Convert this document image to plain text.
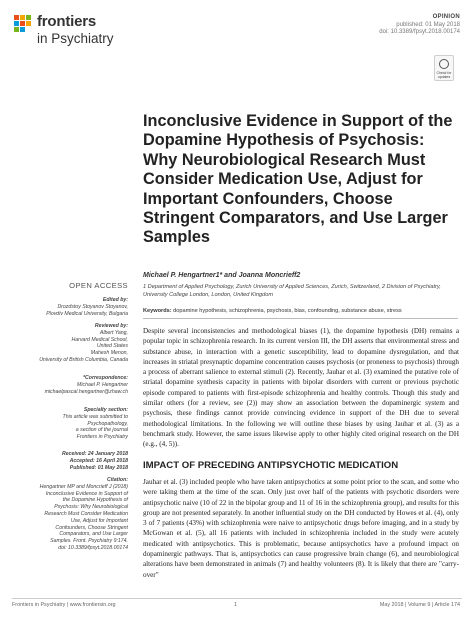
frontiers
in Psychiatry
OPINION
published: 01 May 2018
doi: 10.3389/fpsyt.2018.00174
Check for updates
Inconclusive Evidence in Support of the Dopamine Hypothesis of Psychosis: Why Neurobiological Research Must Consider Medication Use, Adjust for Important Confounders, Choose Stringent Comparators, and Use Larger Samples
Michael P. Hengartner1* and Joanna Moncrieff2
1 Department of Applied Psychology, Zurich University of Applied Sciences, Zurich, Switzerland, 2 Division of Psychiatry, University College London, London, United Kingdom
Keywords: dopamine hypothesis, schizophrenia, psychosis, bias, confounding, substance abuse, stress
OPEN ACCESS
Edited by:
Drozdstoy Stoyanov Stoyanov,
Plovdiv Medical University, Bulgaria
Reviewed by:
Albert Yang,
Harvard Medical School,
United States
Mahesh Menon,
University of British Columbia, Canada
*Correspondence:
Michael P. Hengartner
michaelpascal.hengartner@zhaw.ch
Specialty section:
This article was submitted to
Psychopathology,
a section of the journal
Frontiers in Psychiatry
Received: 24 January 2018
Accepted: 16 April 2018
Published: 01 May 2018
Citation:
Hengartner MP and Moncrieff J (2018)
Inconclusive Evidence in Support of
the Dopamine Hypothesis of
Psychosis: Why Neurobiological
Research Must Consider Medication
Use, Adjust for Important
Confounders, Choose Stringent
Comparators, and Use Larger
Samples. Front. Psychiatry 9:174.
doi: 10.3389/fpsyt.2018.00174
Despite several inconsistencies and methodological biases (1), the dopamine hypothesis (DH) remains a popular topic in schizophrenia research. In its current version III, the DH asserts that environmental stress and substance abuse, in interaction with a genetic susceptibility, lead to dopamine dysregulation, and that increases in striatal presynaptic dopamine concentration causes psychosis (or proneness to psychosis) through a process of aberrant salience to external stimuli (2). Recently, Jauhar et al. (3) examined the putative role of striatal dopamine synthesis capacity in patients with bipolar disorders with current or previous psychotic episode compared to patients with first-episode schizophrenia and healthy controls. Though this study and similar others (for a review, see (2)) may show an association between the dopaminergic system and psychosis, these findings cannot provide convincing evidence in support of the DH due to several methodological limitations. In the following we will outline these biases by using Jauhar et al. (3) as a benchmark study. However, the same issues likewise apply to other highly cited original research on the DH (e.g., (4, 5)).
IMPACT OF PRECEDING ANTIPSYCHOTIC MEDICATION
Jauhar et al. (3) included people who have taken antipsychotics at some point prior to the scan, and some who were taking them at the time of the scan. Only just over half of the patients with psychotic disorders were antipsychotic naive (10 of 22 in the bipolar group and 11 of 16 in the schizophrenia group), and results for this group are not presented separately. In another influential study on the DH conducted by Howes et al. (4), only 3 of 7 patients (43%) with schizophrenia were naive to antipsychotic drugs before imaging, and in a study by McGowan et al. (5), all 16 patients with included in schizophrenia included in the study were acutely medicated with antipsychotics. This is problematic, because antipsychotics have a profound impact on dopaminergic pathways. That is, antipsychotics can cause progressive brain change (6), and neurobiological alterations have been demonstrated in animals (7) and healthy volunteers (8). It is likely that there are "carry-over"
Frontiers in Psychiatry | www.frontiersin.org	1	May 2018 | Volume 9 | Article 174
